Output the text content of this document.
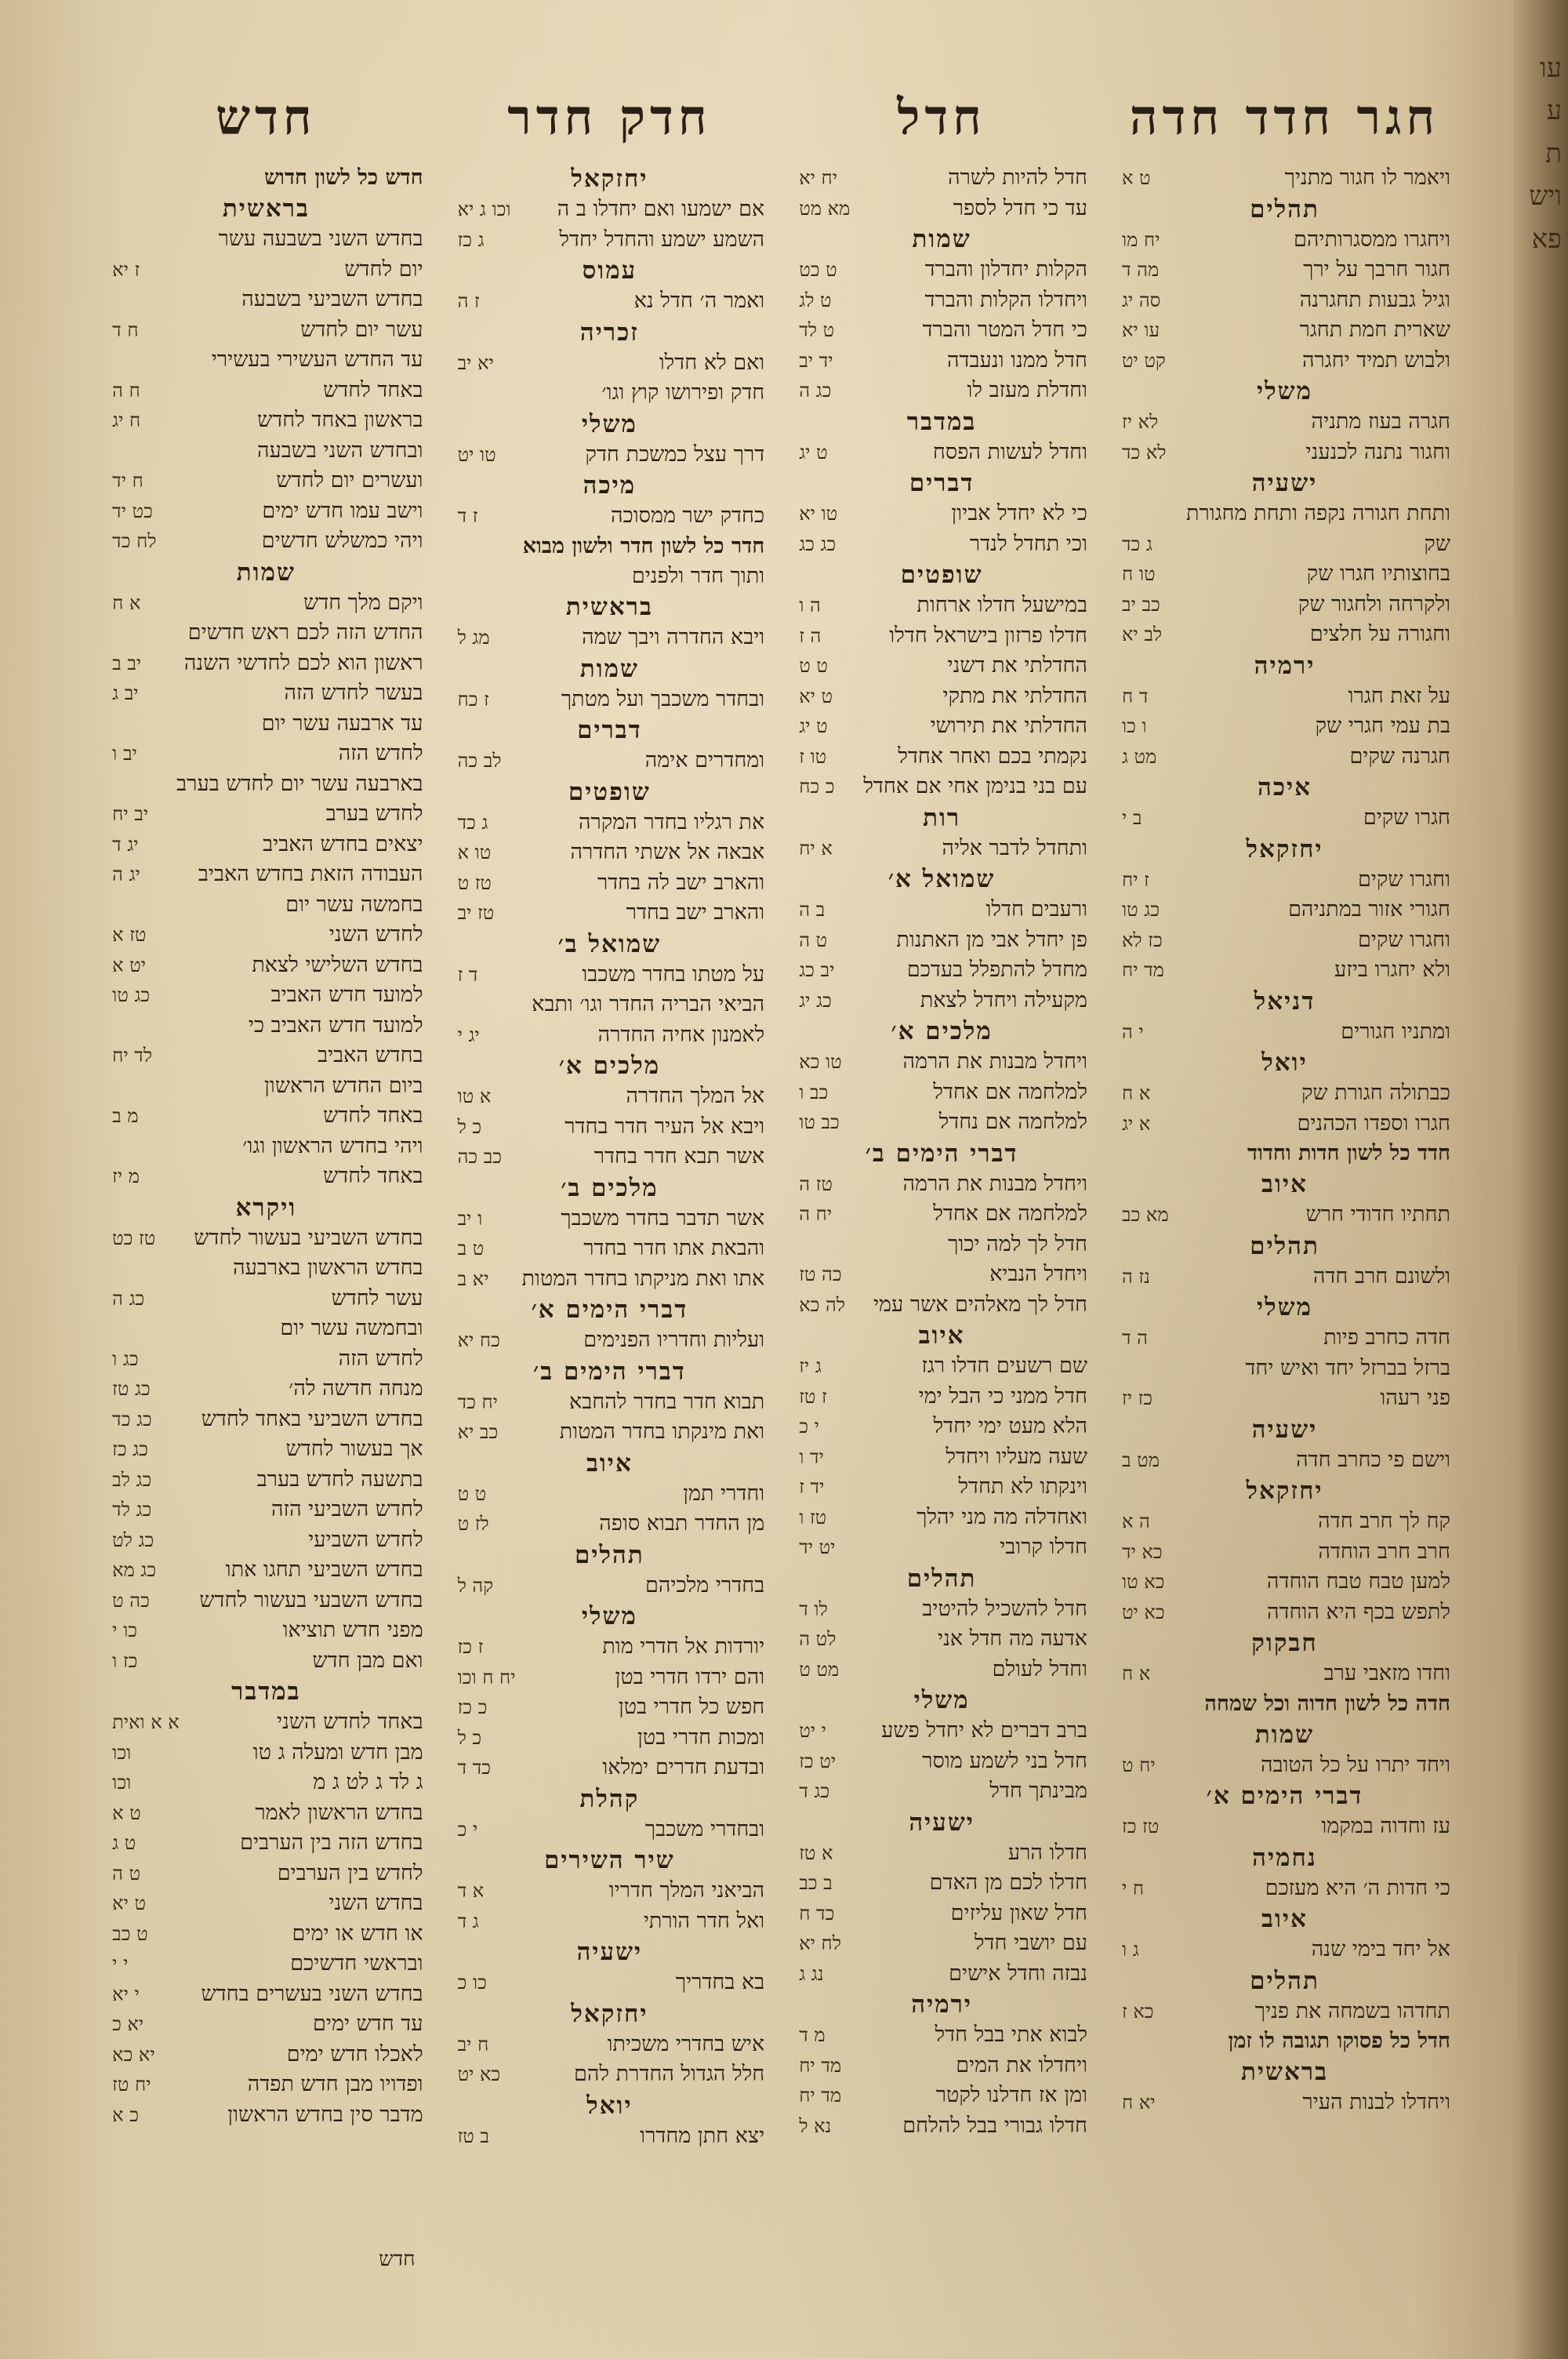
עו
ע
ת
ויש
פא
חגר חדד חדה
ויאמר לו חגור מתניך
ט א
תהלים
ויחגרו ממסגרותיהם
יח מו
חגור חרבך על ירך
מה ד
וגיל גבעות תחגרנה
סה יג
שארית חמת תחגר
עו יא
ולבוש תמיד יחגרה
קט יט
משלי
חגרה בעוז מתניה
לא יז
וחגור נתנה לכנעני
לא כד
ישעיה
ותחת חגורה נקפה ותחת מחגורת
שק
ג כד
בחוצותיו חגרו שק
טו ח
ולקרחה ולחגור שק
כב יב
וחגורה על חלצים
לב יא
ירמיה
על זאת חגרו
ד ח
בת עמי חגרי שק
ו כו
חגרנה שקים
מט ג
איכה
חגרו שקים
ב י
יחזקאל
וחגרו שקים
ז יח
חגורי אזור במתניהם
כג טו
וחגרו שקים
כז לא
ולא יחגרו ביזע
מד יח
דניאל
ומתניו חגורים
י ה
יואל
כבתולה חגורת שק
א ח
חגרו וספדו הכהנים
א יג
חדד כל לשון חדות וחדוד
איוב
תחתיו חדודי חרש
מא כב
תהלים
ולשונם חרב חדה
נז ה
משלי
חדה כחרב פיות
ה ד
ברזל בברזל יחד ואיש יחד
פני רעהו
כז יז
ישעיה
וישם פי כחרב חדה
מט ב
יחזקאל
קח לך חרב חדה
ה א
חרב חרב הוחדה
כא יד
למען טבח טבח הוחדה
כא טו
לתפש בכף היא הוחדה
כא יט
חבקוק
וחדו מזאבי ערב
א ח
חדה כל לשון חדוה וכל שמחה
שמות
ויחד יתרו על כל הטובה
יח ט
דברי הימים א׳
עז וחדוה במקמו
טז כז
נחמיה
כי חדות ה׳ היא מעזכם
ח י
איוב
אל יחד בימי שנה
ג ו
תהלים
תחדהו בשמחה את פניך
כא ז
חדל כל פסוקו תגובה לו זמן
בראשית
ויחדלו לבנות העיר
יא ח
חדל
חדל להיות לשרה
יח יא
עד כי חדל לספר
מא מט
שמות
הקלות יחדלון והברד
ט כט
ויחדלו הקלות והברד
ט לג
כי חדל המטר והברד
ט לד
חדל ממנו ונעבדה
יד יב
וחדלת מעזב לו
כג ה
במדבר
וחדל לעשות הפסח
ט יג
דברים
כי לא יחדל אביון
טו יא
וכי תחדל לנדר
כג כג
שופטים
במישעל חדלו ארחות
ה ו
חדלו פרזון בישראל חדלו
ה ז
החדלתי את דשני
ט ט
החדלתי את מתקי
ט יא
החדלתי את תירושי
ט יג
נקמתי בכם ואחר אחדל
טו ז
עם בני בנימן אחי אם אחדל
כ כח
רות
ותחדל לדבר אליה
א יח
שמואל א׳
ורעבים חדלו
ב ה
פן יחדל אבי מן האתנות
ט ה
מחדל להתפלל בעדכם
יב כג
מקעילה ויחדל לצאת
כג יג
מלכים א׳
ויחדל מבנות את הרמה
טו כא
למלחמה אם אחדל
כב ו
למלחמה אם נחדל
כב טו
דברי הימים ב׳
ויחדל מבנות את הרמה
טז ה
למלחמה אם אחדל
יח ה
חדל לך למה יכוך
ויחדל הנביא
כה טז
חדל לך מאלהים אשר עמי
לה כא
איוב
שם רשעים חדלו רגז
ג יז
חדל ממני כי הבל ימי
ז טז
הלא מעט ימי יחדל
י כ
שעה מעליו ויחדל
יד ו
וינקתו לא תחדל
יד ז
ואחדלה מה מני יהלך
טז ו
חדלו קרובי
יט יד
תהלים
חדל להשכיל להיטיב
לו ד
אדעה מה חדל אני
לט ה
וחדל לעולם
מט ט
משלי
ברב דברים לא יחדל פשע
י יט
חדל בני לשמע מוסר
יט כז
מבינתך חדל
כג ד
ישעיה
חדלו הרע
א טז
חדלו לכם מן האדם
ב כב
חדל שאון עליזים
כד ח
עם יושבי חדל
לח יא
נבזה וחדל אישים
נג ג
ירמיה
לבוא אתי בבל חדל
מ ד
ויחדלו את המים
מד יח
ומן אז חדלנו לקטר
מד יח
חדלו גבורי בבל להלחם
נא ל
חדק חדר
יחזקאל
אם ישמעו ואם יחדלו ב ה
וכו ג יא
השמע ישמע והחדל יחדל
ג כז
עמוס
ואמר ה׳ חדל נא
ז ה
זכריה
ואם לא חדלו
יא יב
חדק ופירושו קוץ וגו׳
משלי
דרך עצל כמשכת חדק
טו יט
מיכה
כחדק ישר ממסוכה
ז ד
חדר כל לשון חדר ולשון מבוא
ותוך חדר ולפנים
בראשית
ויבא החדרה ויבך שמה
מג ל
שמות
ובחדר משכבך ועל מטתך
ז כח
דברים
ומחדרים אימה
לב כה
שופטים
את רגליו בחדר המקרה
ג כד
אבאה אל אשתי החדרה
טו א
והארב ישב לה בחדר
טז ט
והארב ישב בחדר
טז יב
שמואל ב׳
על מטתו בחדר משכבו
ד ז
הביאי הבריה החדר וגו׳ ותבא
לאמנון אחיה החדרה
יג י
מלכים א׳
אל המלך החדרה
א טו
ויבא אל העיר חדר בחדר
כ ל
אשר תבא חדר בחדר
כב כה
מלכים ב׳
אשר תדבר בחדר משכבך
ו יב
והבאת אתו חדר בחדר
ט ב
אתו ואת מניקתו בחדר המטות
יא ב
דברי הימים א׳
ועליות וחדריו הפנימים
כח יא
דברי הימים ב׳
תבוא חדר בחדר להחבא
יח כד
ואת מינקתו בחדר המטות
כב יא
איוב
וחדרי תמן
ט ט
מן החדר תבוא סופה
לז ט
תהלים
בחדרי מלכיהם
קה ל
משלי
יורדות אל חדרי מות
ז כז
והם ירדו חדרי בטן
יח ח וכו
חפש כל חדרי בטן
כ כז
ומכות חדרי בטן
כ ל
ובדעת חדרים ימלאו
כד ד
קהלת
ובחדרי משכבך
י כ
שיר השירים
הביאני המלך חדריו
א ד
ואל חדר הורתי
ג ד
ישעיה
בא בחדריך
כו כ
יחזקאל
איש בחדרי משכיתו
ח יב
חלל הגדול החדרת להם
כא יט
יואל
יצא חתן מחדרו
ב טז
חדש
חדש כל לשון חדוש
בראשית
בחדש השני בשבעה עשר
יום לחדש
ז יא
בחדש השביעי בשבעה
עשר יום לחדש
ח ד
עד החדש העשירי בעשירי
באחד לחדש
ח ה
בראשון באחד לחדש
ח יג
ובחדש השני בשבעה
ועשרים יום לחדש
ח יד
וישב עמו חדש ימים
כט יד
ויהי כמשלש חדשים
לח כד
שמות
ויקם מלך חדש
א ח
החדש הזה לכם ראש חדשים
ראשון הוא לכם לחדשי השנה
יב ב
בעשר לחדש הזה
יב ג
עד ארבעה עשר יום
לחדש הזה
יב ו
בארבעה עשר יום לחדש בערב
לחדש בערב
יב יח
יצאים בחדש האביב
יג ד
העבודה הזאת בחדש האביב
יג ה
בחמשה עשר יום
לחדש השני
טז א
בחדש השלישי לצאת
יט א
למועד חדש האביב
כג טו
למועד חדש האביב כי
בחדש האביב
לד יח
ביום החדש הראשון
באחד לחדש
מ ב
ויהי בחדש הראשון וגו׳
באחד לחדש
מ יז
ויקרא
בחדש השביעי בעשור לחדש
טז כט
בחדש הראשון בארבעה
עשר לחדש
כג ה
ובחמשה עשר יום
לחדש הזה
כג ו
מנחה חדשה לה׳
כג טז
בחדש השביעי באחד לחדש
כג כד
אך בעשור לחדש
כג כז
בתשעה לחדש בערב
כג לב
לחדש השביעי הזה
כג לד
לחדש השביעי
כג לט
בחדש השביעי תחגו אתו
כג מא
בחדש השבעי בעשור לחדש
כה ט
מפני חדש תוציאו
כו י
ואם מבן חדש
כז ו
במדבר
באחד לחדש השני
א א ואית
מבן חדש ומעלה ג טו
וכו
ג לד ג לט ג מ
וכו
בחדש הראשון לאמר
ט א
בחדש הזה בין הערבים
ט ג
לחדש בין הערבים
ט ה
בחדש השני
ט יא
או חדש או ימים
ט כב
ובראשי חדשיכם
י י
בחדש השני בעשרים בחדש
י יא
עד חדש ימים
יא כ
לאכלו חדש ימים
יא כא
ופדויו מבן חדש תפדה
יח טז
מדבר סין בחדש הראשון
כ א
חדש
